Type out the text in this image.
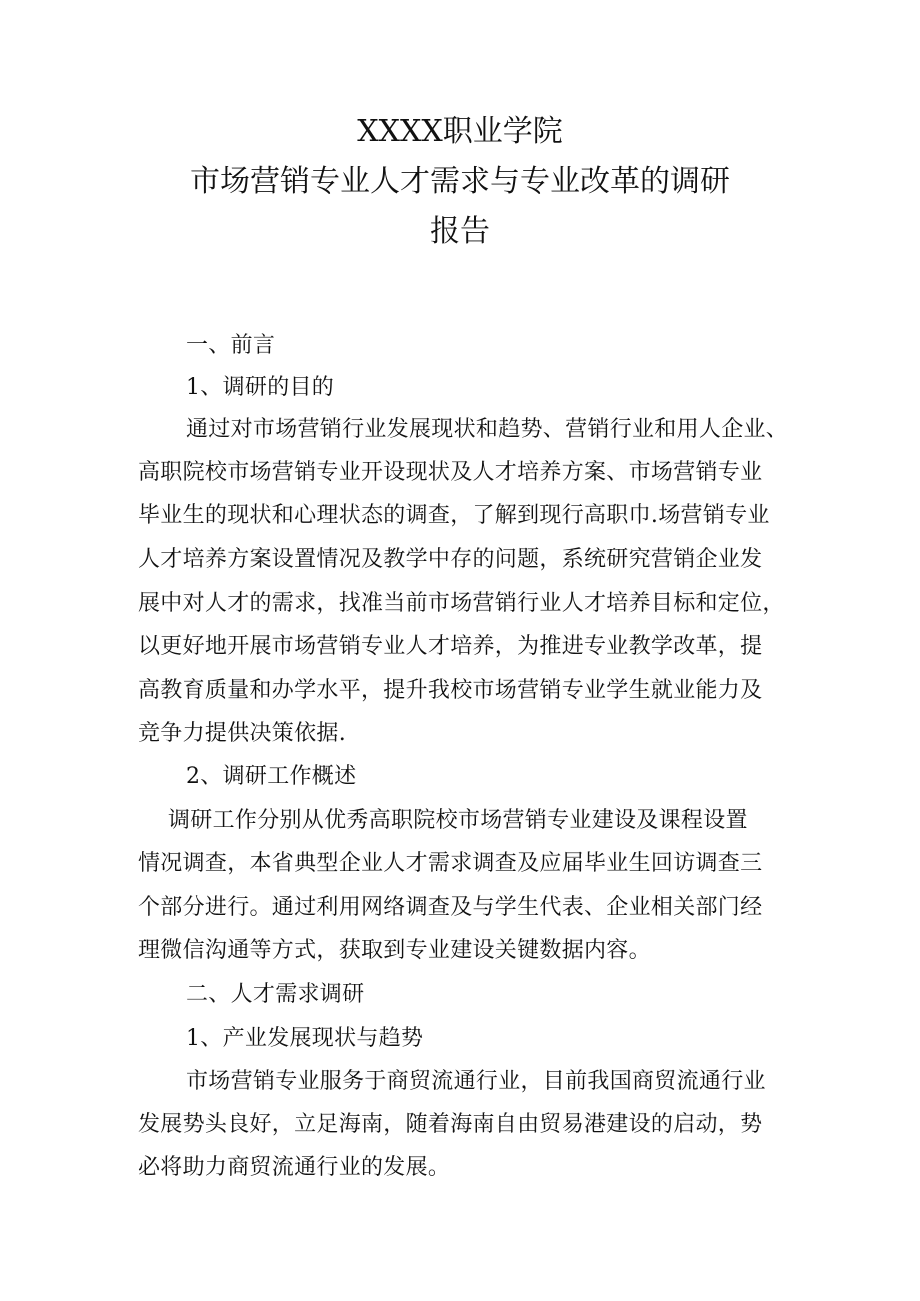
XXXX职业学院
市场营销专业人才需求与专业改革的调研
报告
一、前言
1、调研的目的
通过对市场营销行业发展现状和趋势、营销行业和用人企业、
高职院校市场营销专业开设现状及人才培养方案、市场营销专业
毕业生的现状和心理状态的调查，了解到现行高职巾.场营销专业
人才培养方案设置情况及教学中存的问题，系统研究营销企业发
展中对人才的需求，找准当前市场营销行业人才培养目标和定位，
以更好地开展市场营销专业人才培养，为推进专业教学改革，提
高教育质量和办学水平，提升我校市场营销专业学生就业能力及
竞争力提供决策依据.
2、调研工作概述
调研工作分别从优秀高职院校市场营销专业建设及课程设置
情况调查，本省典型企业人才需求调查及应届毕业生回访调查三
个部分进行。通过利用网络调查及与学生代表、企业相关部门经
理微信沟通等方式，获取到专业建设关键数据内容。
二、人才需求调研
1、产业发展现状与趋势
市场营销专业服务于商贸流通行业，目前我国商贸流通行业
发展势头良好，立足海南，随着海南自由贸易港建设的启动，势
必将助力商贸流通行业的发展。
